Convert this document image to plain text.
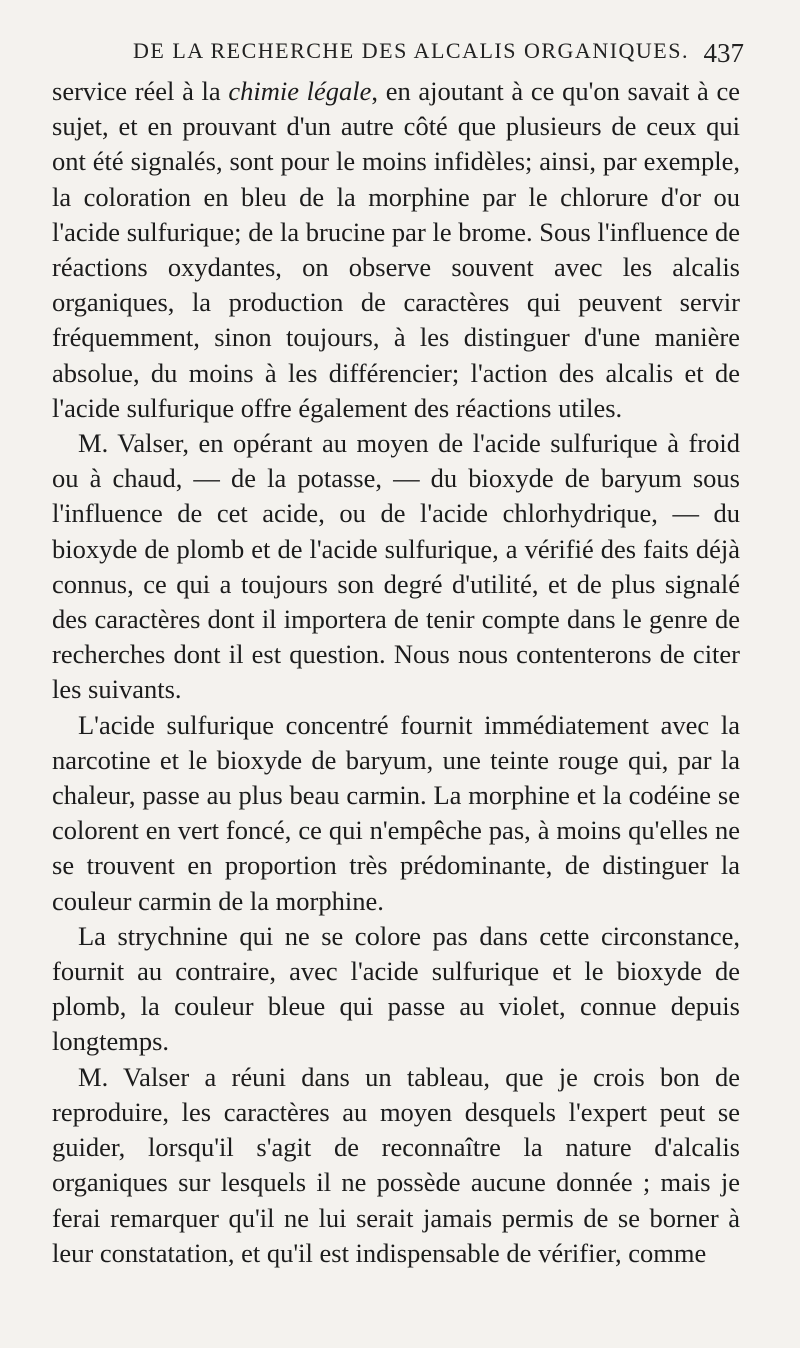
DE LA RECHERCHE DES ALCALIS ORGANIQUES. 437

service réel à la chimie légale, en ajoutant à ce qu'on savait à ce sujet, et en prouvant d'un autre côté que plusieurs de ceux qui ont été signalés, sont pour le moins infidèles; ainsi, par exemple, la coloration en bleu de la morphine par le chlorure d'or ou l'acide sulfurique; de la brucine par le brome. Sous l'influence de réactions oxydantes, on observe souvent avec les alcalis organiques, la production de caractères qui peuvent servir fréquemment, sinon toujours, à les distinguer d'une manière absolue, du moins à les différencier; l'action des alcalis et de l'acide sulfurique offre également des réactions utiles.

M. Valser, en opérant au moyen de l'acide sulfurique à froid ou à chaud, — de la potasse, — du bioxyde de baryum sous l'influence de cet acide, ou de l'acide chlorhydrique, — du bioxyde de plomb et de l'acide sulfurique, a vérifié des faits déjà connus, ce qui a toujours son degré d'utilité, et de plus signalé des caractères dont il importera de tenir compte dans le genre de recherches dont il est question. Nous nous contenterons de citer les suivants.

L'acide sulfurique concentré fournit immédiatement avec la narcotine et le bioxyde de baryum, une teinte rouge qui, par la chaleur, passe au plus beau carmin. La morphine et la codéine se colorent en vert foncé, ce qui n'empêche pas, à moins qu'elles ne se trouvent en proportion très prédominante, de distinguer la couleur carmin de la morphine.

La strychnine qui ne se colore pas dans cette circonstance, fournit au contraire, avec l'acide sulfurique et le bioxyde de plomb, la couleur bleue qui passe au violet, connue depuis longtemps.

M. Valser a réuni dans un tableau, que je crois bon de reproduire, les caractères au moyen desquels l'expert peut se guider, lorsqu'il s'agit de reconnaître la nature d'alcalis organiques sur lesquels il ne possède aucune donnée ; mais je ferai remarquer qu'il ne lui serait jamais permis de se borner à leur constatation, et qu'il est indispensable de vérifier, comme
